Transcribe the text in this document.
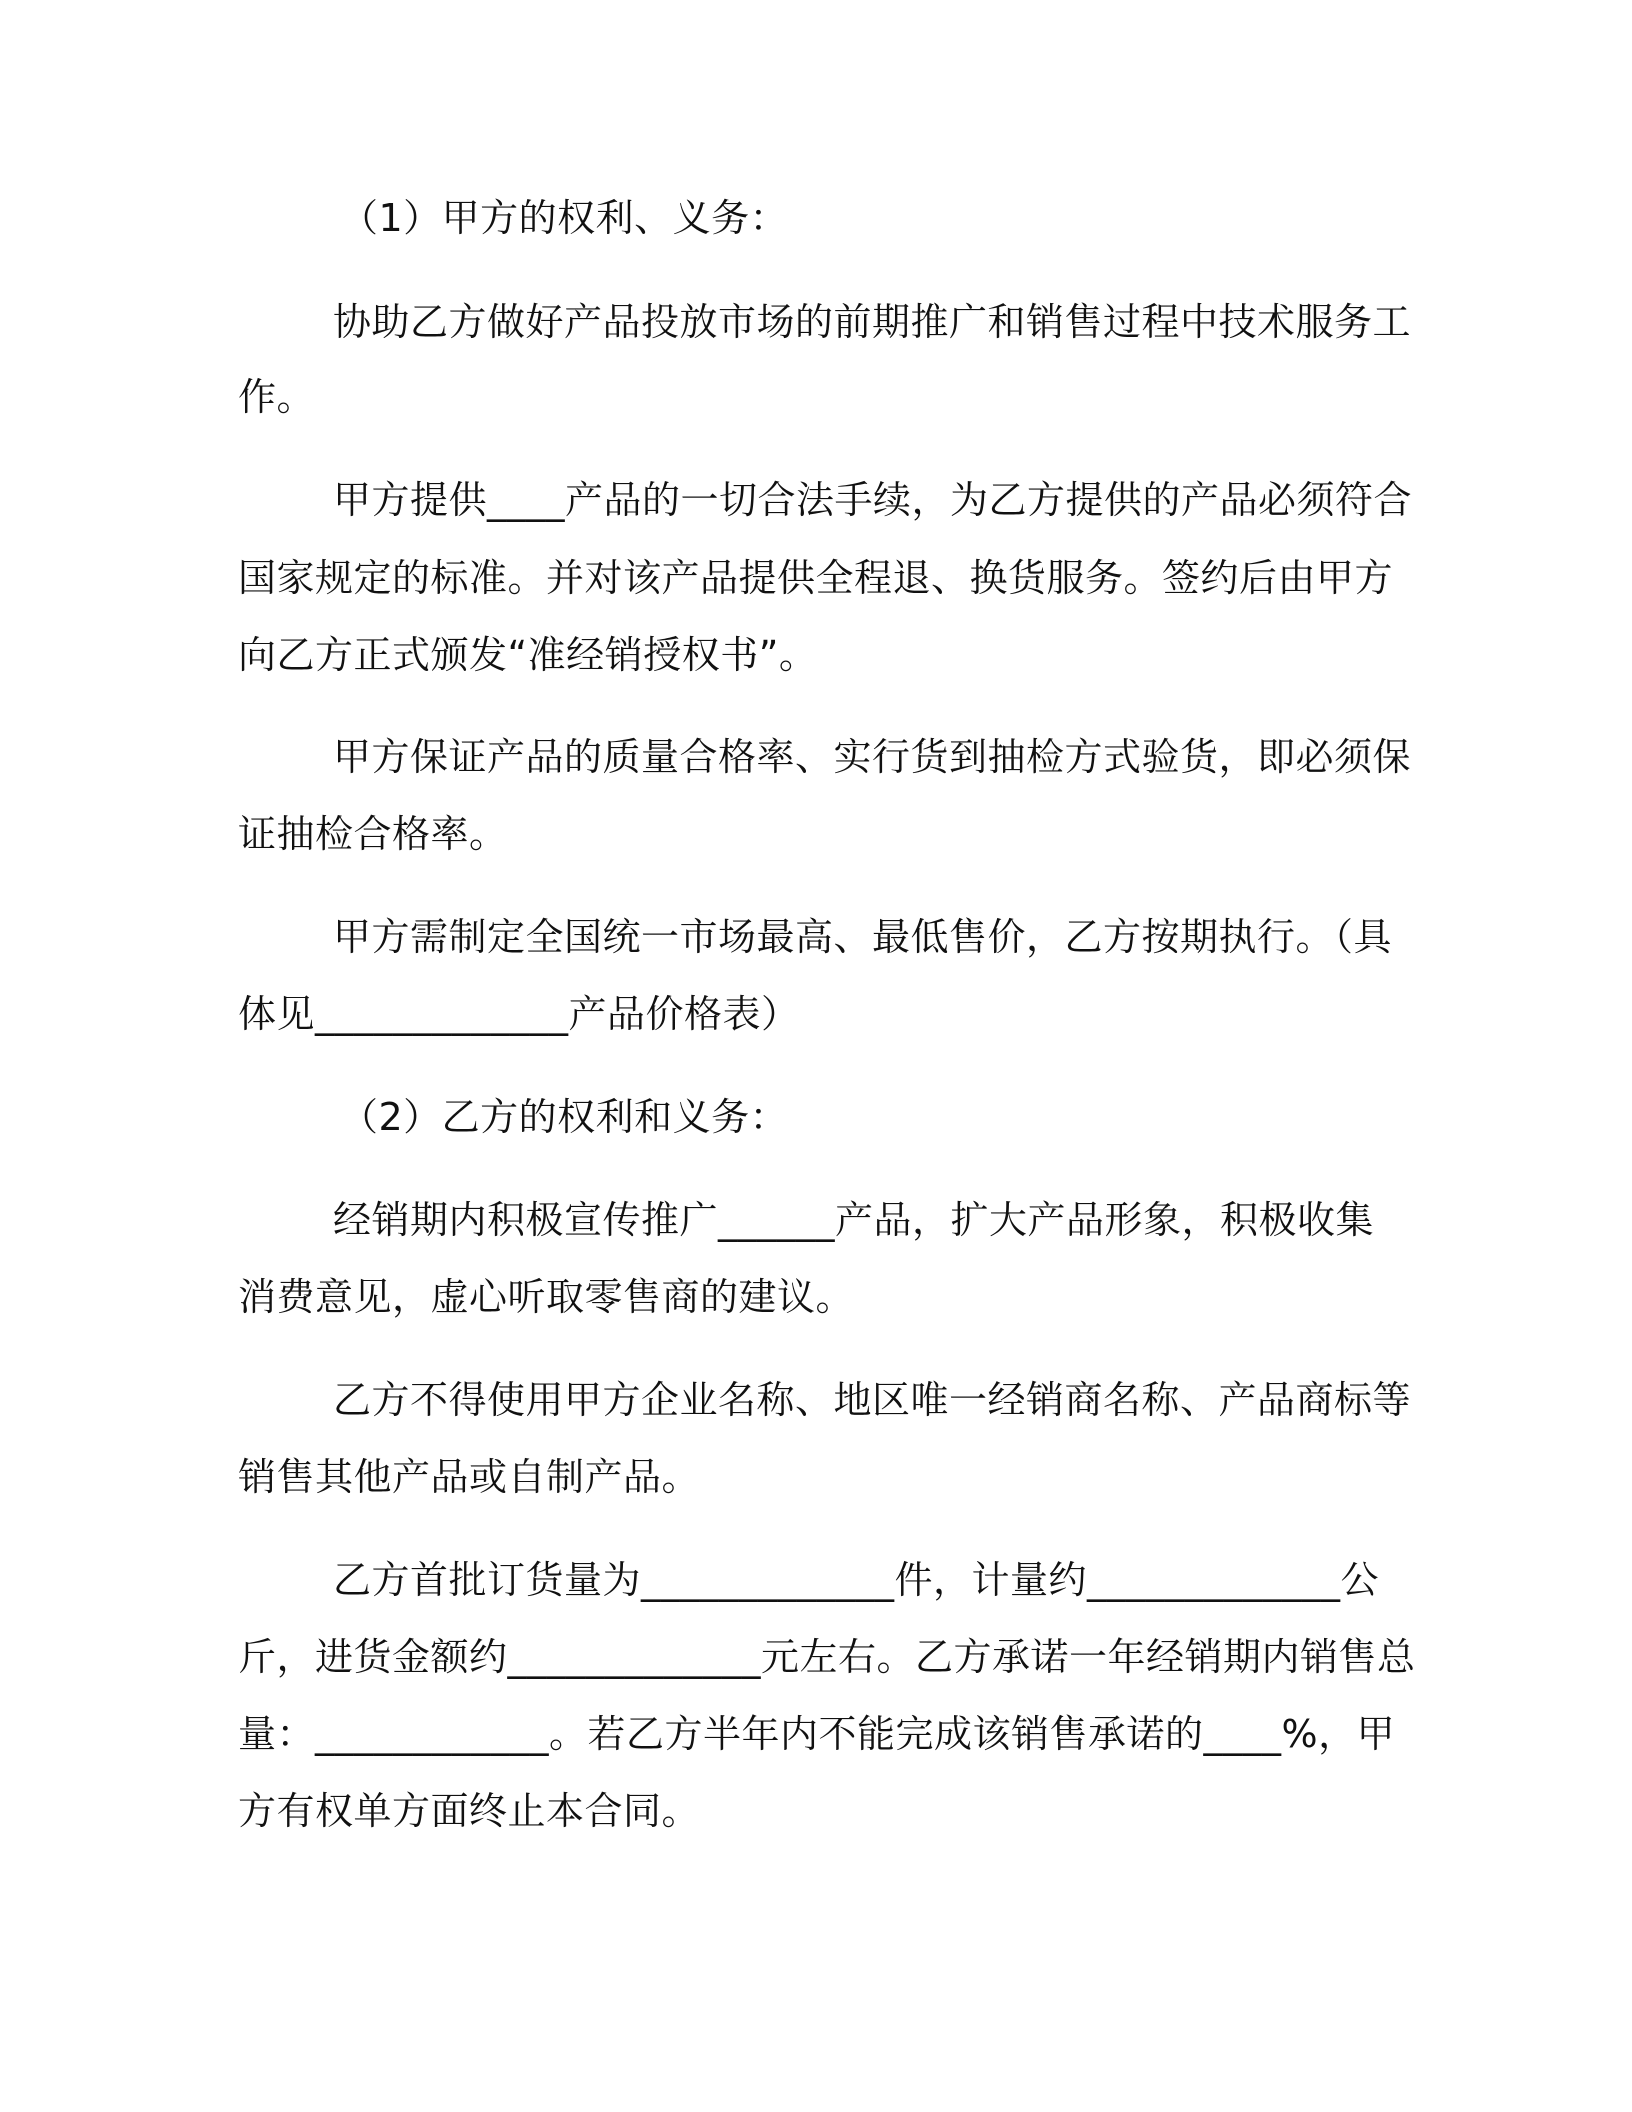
（1）甲方的权利、义务：
协助乙方做好产品投放市场的前期推广和销售过程中技术服务工
作。
甲方提供____产品的一切合法手续，为乙方提供的产品必须符合
国家规定的标准。并对该产品提供全程退、换货服务。签约后由甲方
向乙方正式颁发“准经销授权书”。
甲方保证产品的质量合格率、实行货到抽检方式验货，即必须保
证抽检合格率。
甲方需制定全国统一市场最高、最低售价，乙方按期执行。（具
体见_____________产品价格表）
（2）乙方的权利和义务：
经销期内积极宣传推广______产品，扩大产品形象，积极收集
消费意见，虚心听取零售商的建议。
乙方不得使用甲方企业名称、地区唯一经销商名称、产品商标等
销售其他产品或自制产品。
乙方首批订货量为_____________件，计量约_____________公
斤，进货金额约_____________元左右。乙方承诺一年经销期内销售总
量：____________。若乙方半年内不能完成该销售承诺的____%，甲
方有权单方面终止本合同。
